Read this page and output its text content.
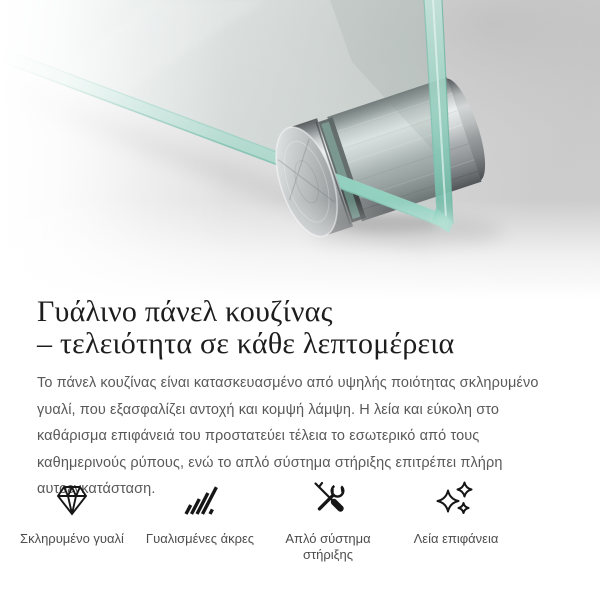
Γυάλινο πάνελ κουζίνας
– τελειότητα σε κάθε λεπτομέρεια

Το πάνελ κουζίνας είναι κατασκευασμένο από υψηλής ποιότητας σκληρυμένο γυαλί, που εξασφαλίζει αντοχή και κομψή λάμψη. Η λεία και εύκολη στο καθάρισμα επιφάνειά του προστατεύει τέλεια το εσωτερικό από τους καθημερινούς ρύπους, ενώ το απλό σύστημα στήριξης επιτρέπει πλήρη αυτοεγκατάσταση.

Σκληρυμένο γυαλί	Γυαλισμένες άκρες	Απλό σύστημα στήριξης
Λεία επιφάνεια
